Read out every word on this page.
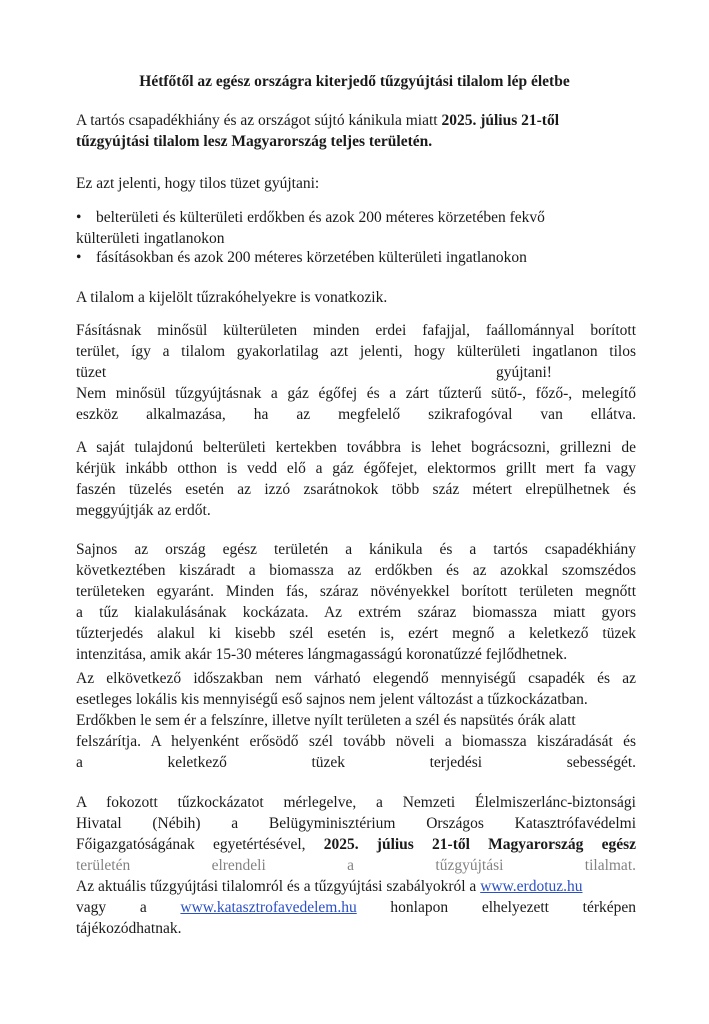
Hétfőtől az egész országra kiterjedő tűzgyújtási tilalom lép életbe
A tartós csapadékhiány és az országot sújtó kánikula miatt 2025. július 21-től
tűzgyújtási tilalom lesz Magyarország teljes területén.
Ez azt jelenti, hogy tilos tüzet gyújtani:
• belterületi és külterületi erdőkben és azok 200 méteres körzetében fekvő
külterületi ingatlanokon
• fásításokban és azok 200 méteres körzetében külterületi ingatlanokon
A tilalom a kijelölt tűzrakóhelyekre is vonatkozik.
Fásításnak minősül külterületen minden erdei fafajjal, faállománnyal borított
terület, így a tilalom gyakorlatilag azt jelenti, hogy külterületi ingatlanon tilos
tüzet	gyújtani!
Nem minősül tűzgyújtásnak a gáz égőfej és a zárt tűzterű sütő-, főző-, melegítő
eszköz alkalmazása, ha az megfelelő szikrafogóval van ellátva.
A saját tulajdonú belterületi kertekben továbbra is lehet bográcsozni, grillezni de
kérjük inkább otthon is vedd elő a gáz égőfejet, elektormos grillt mert fa vagy
faszén tüzelés esetén az izzó zsarátnokok több száz métert elrepülhetnek és
meggyújtják az erdőt.
Sajnos az ország egész területén a kánikula és a tartós csapadékhiány
következtében kiszáradt a biomassza az erdőkben és az azokkal szomszédos
területeken egyaránt. Minden fás, száraz növényekkel borított területen megnőtt
a tűz kialakulásának kockázata. Az extrém száraz biomassza miatt gyors
tűzterjedés alakul ki kisebb szél esetén is, ezért megnő a keletkező tüzek
intenzitása, amik akár 15-30 méteres lángmagasságú koronatűzzé fejlődhetnek.
Az elkövetkező időszakban nem várható elegendő mennyiségű csapadék és az
esetleges lokális kis mennyiségű eső sajnos nem jelent változást a tűzkockázatban.
Erdőkben le sem ér a felszínre, illetve nyílt területen a szél és napsütés órák alatt
felszárítja. A helyenként erősödő szél tovább növeli a biomassza kiszáradását és
a keletkező tüzek terjedési sebességét.
A fokozott tűzkockázatot mérlegelve, a Nemzeti Élelmiszerlánc-biztonsági
Hivatal (Nébih) a Belügyminisztérium Országos Katasztrófavédelmi
Főigazgatóságának egyetértésével, 2025. július 21-től Magyarország egész
területén elrendeli a tűzgyújtási tilalmat.
Az aktuális tűzgyújtási tilalomról és a tűzgyújtási szabályokról a www.erdotuz.hu
vagy a www.katasztrofavedelem.hu honlapon elhelyezett térképen
tájékozódhatnak.
